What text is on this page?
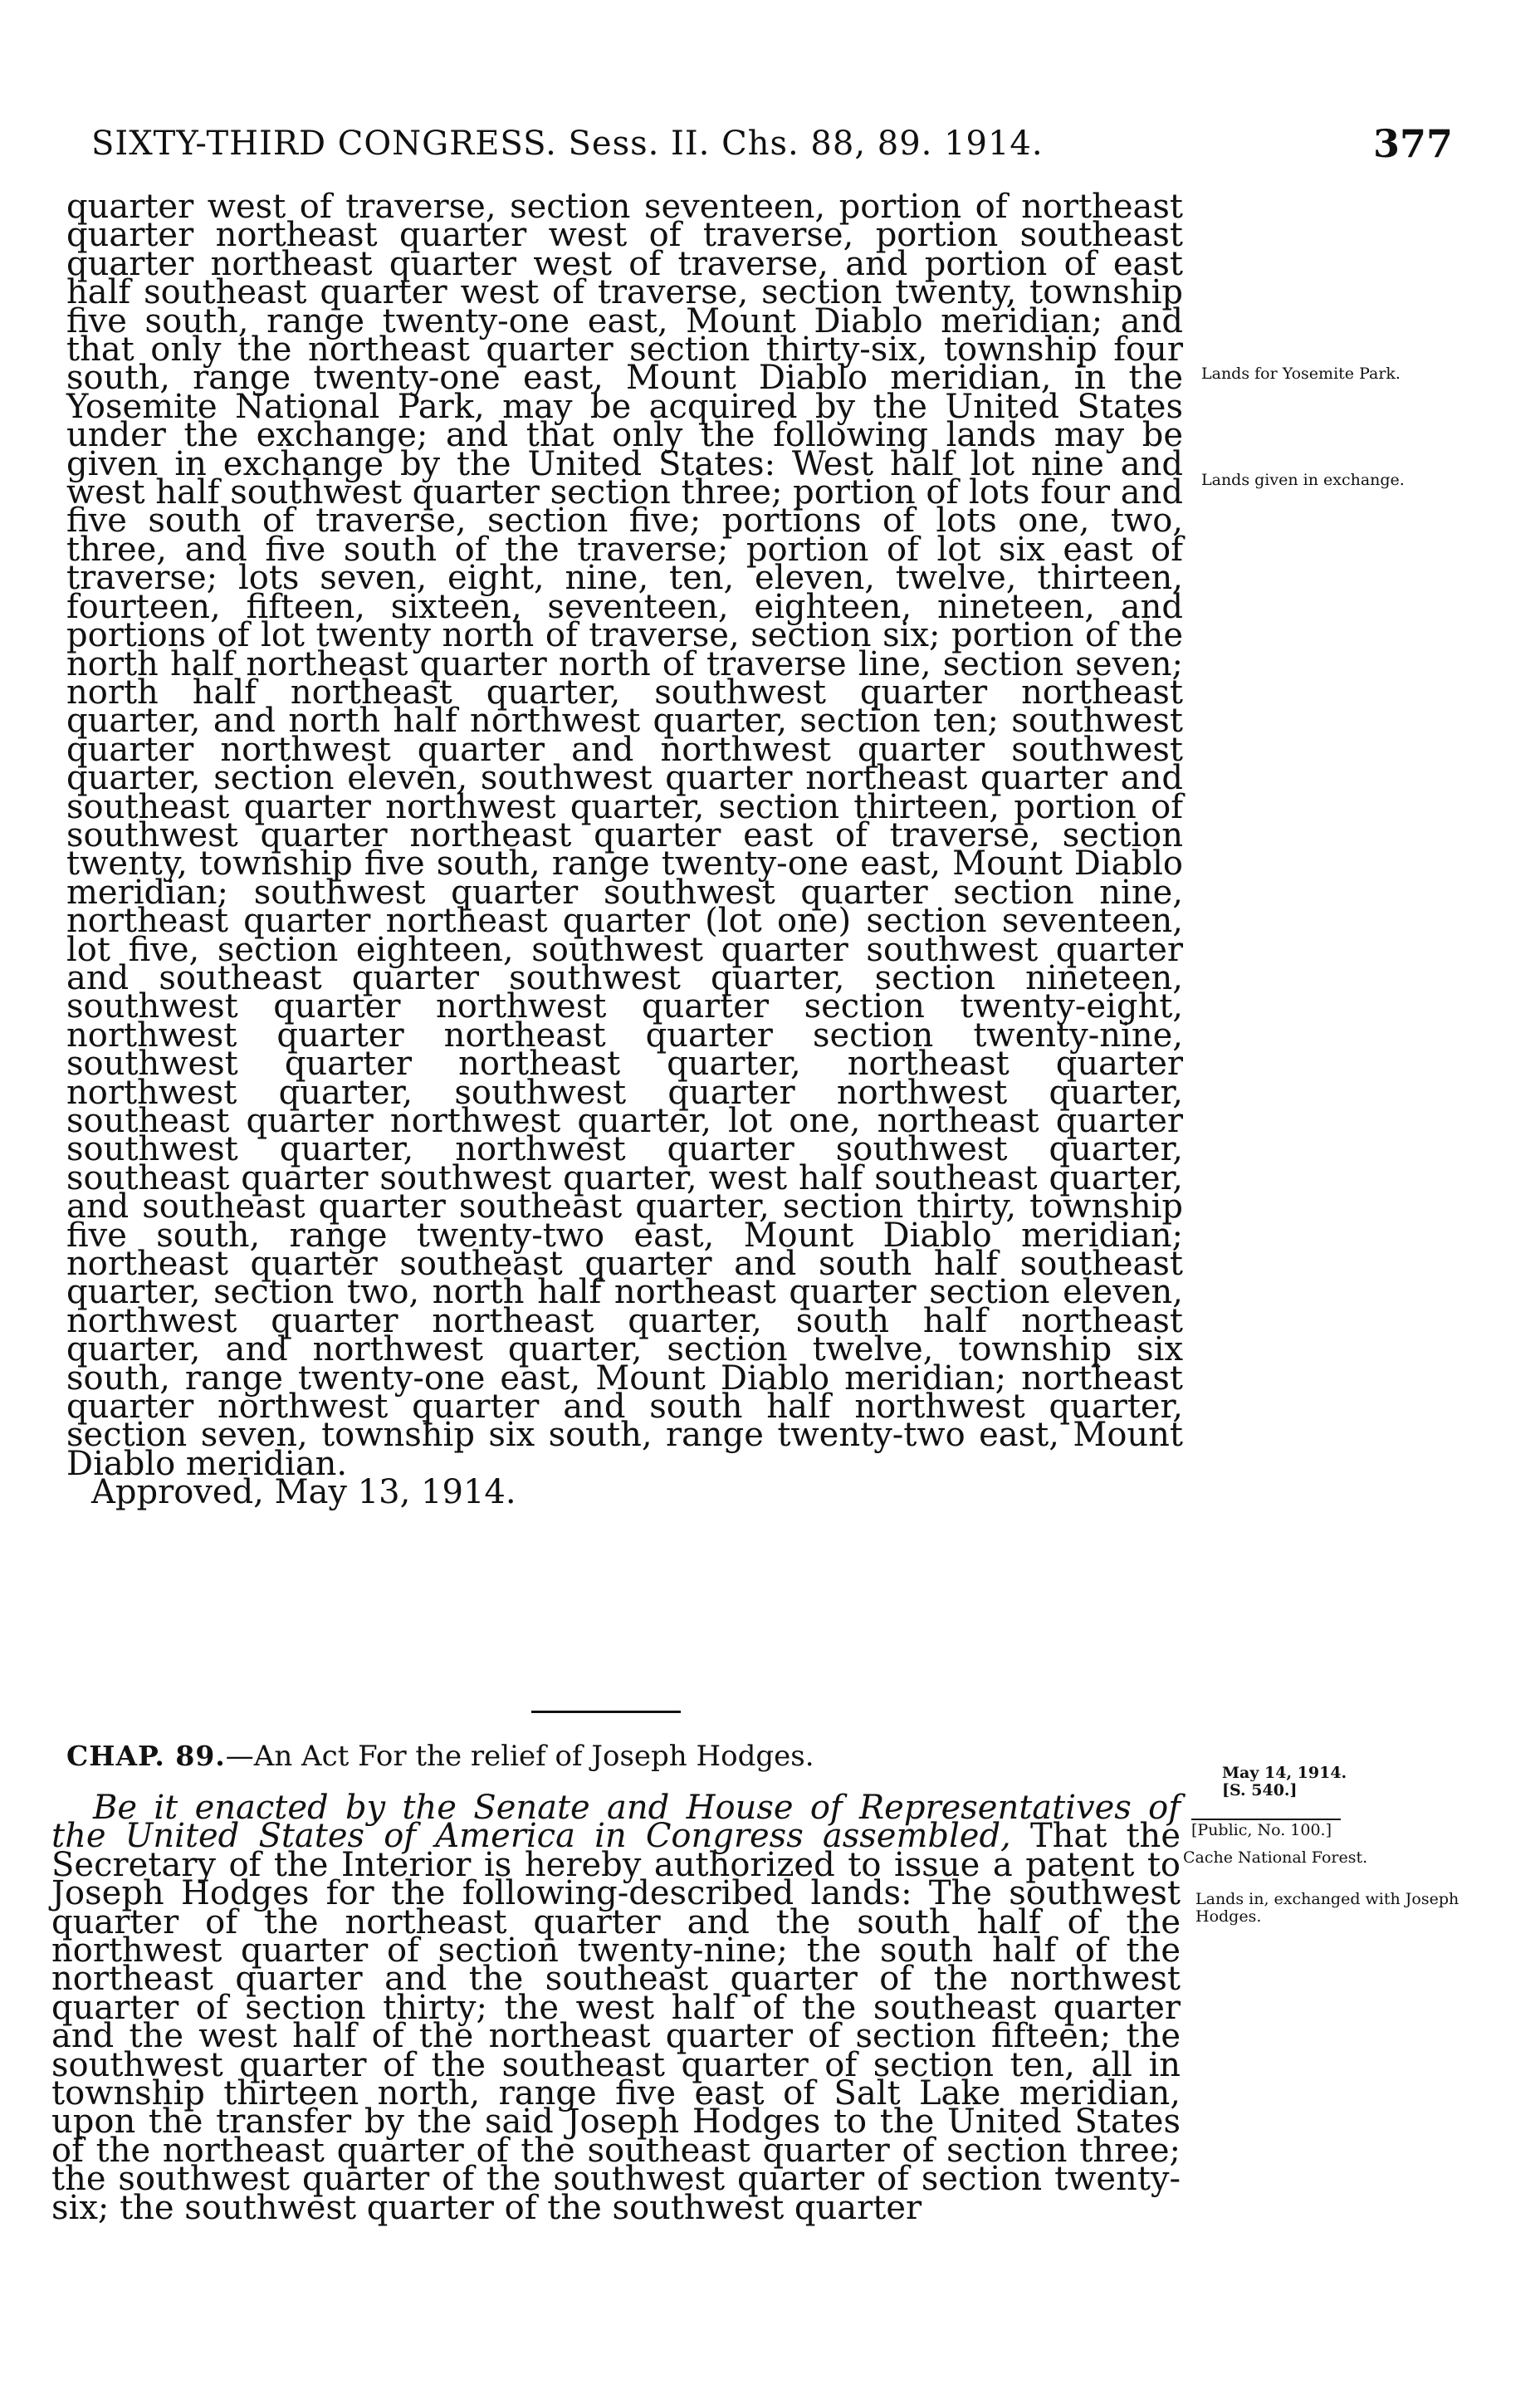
SIXTY-THIRD CONGRESS. Sess. II. Chs. 88, 89. 1914.	377

quarter west of traverse, section seventeen, portion of northeast quarter northeast quarter west of traverse, portion southeast quarter northeast quarter west of traverse, and portion of east half southeast quarter west of traverse, section twenty, township five south, range twenty-one east, Mount Diablo meridian; and that only the northeast quarter section thirty-six, township four south, range twenty-one east, Mount Diablo meridian, in the Yosemite National Park, may be acquired by the United States under the exchange; and that only the following lands may be given in exchange by the United States: West half lot nine and west half southwest quarter section three; portion of lots four and five south of traverse, section five; portions of lots one, two, three, and five south of the traverse; portion of lot six east of traverse; lots seven, eight, nine, ten, eleven, twelve, thirteen, fourteen, fifteen, sixteen, seventeen, eighteen, nineteen, and portions of lot twenty north of traverse, section six; portion of the north half northeast quarter north of traverse line, section seven; north half northeast quarter, southwest quarter northeast quarter, and north half northwest quarter, section ten; southwest quarter northwest quarter and northwest quarter southwest quarter, section eleven, southwest quarter northeast quarter and southeast quarter northwest quarter, section thirteen, portion of southwest quarter northeast quarter east of traverse, section twenty, township five south, range twenty-one east, Mount Diablo meridian; southwest quarter southwest quarter section nine, northeast quarter northeast quarter (lot one) section seventeen, lot five, section eighteen, southwest quarter southwest quarter and southeast quarter southwest quarter, section nineteen, southwest quarter northwest quarter section twenty-eight, northwest quarter northeast quarter section twenty-nine, southwest quarter northeast quarter, northeast quarter northwest quarter, southwest quarter northwest quarter, southeast quarter northwest quarter, lot one, northeast quarter southwest quarter, northwest quarter southwest quarter, southeast quarter southwest quarter, west half southeast quarter, and southeast quarter southeast quarter, section thirty, township five south, range twenty-two east, Mount Diablo meridian; northeast quarter southeast quarter and south half southeast quarter, section two, north half northeast quarter section eleven, northwest quarter northeast quarter, south half northeast quarter, and northwest quarter, section twelve, township six south, range twenty-one east, Mount Diablo meridian; northeast quarter northwest quarter and south half northwest quarter, section seven, township six south, range twenty-two east, Mount Diablo meridian.

Approved, May 13, 1914.

CHAP. 89.—An Act For the relief of Joseph Hodges.

Be it enacted by the Senate and House of Representatives of the United States of America in Congress assembled, That the Secretary of the Interior is hereby authorized to issue a patent to Joseph Hodges for the following-described lands: The southwest quarter of the northeast quarter and the south half of the northwest quarter of section twenty-nine; the south half of the northeast quarter and the southeast quarter of the northwest quarter of section thirty; the west half of the southeast quarter and the west half of the northeast quarter of section fifteen; the southwest quarter of the southeast quarter of section ten, all in township thirteen north, range five east of Salt Lake meridian, upon the transfer by the said Joseph Hodges to the United States of the northeast quarter of the southeast quarter of section three; the southwest quarter of the southwest quarter of section twenty-six; the southwest quarter of the southwest quarter

Lands for Yosemite Park.
Lands given in exchange.
May 14, 1914.
[S. 540.]
[Public, No. 100.]
Cache National Forest.
Lands in, exchanged with Joseph Hodges.
